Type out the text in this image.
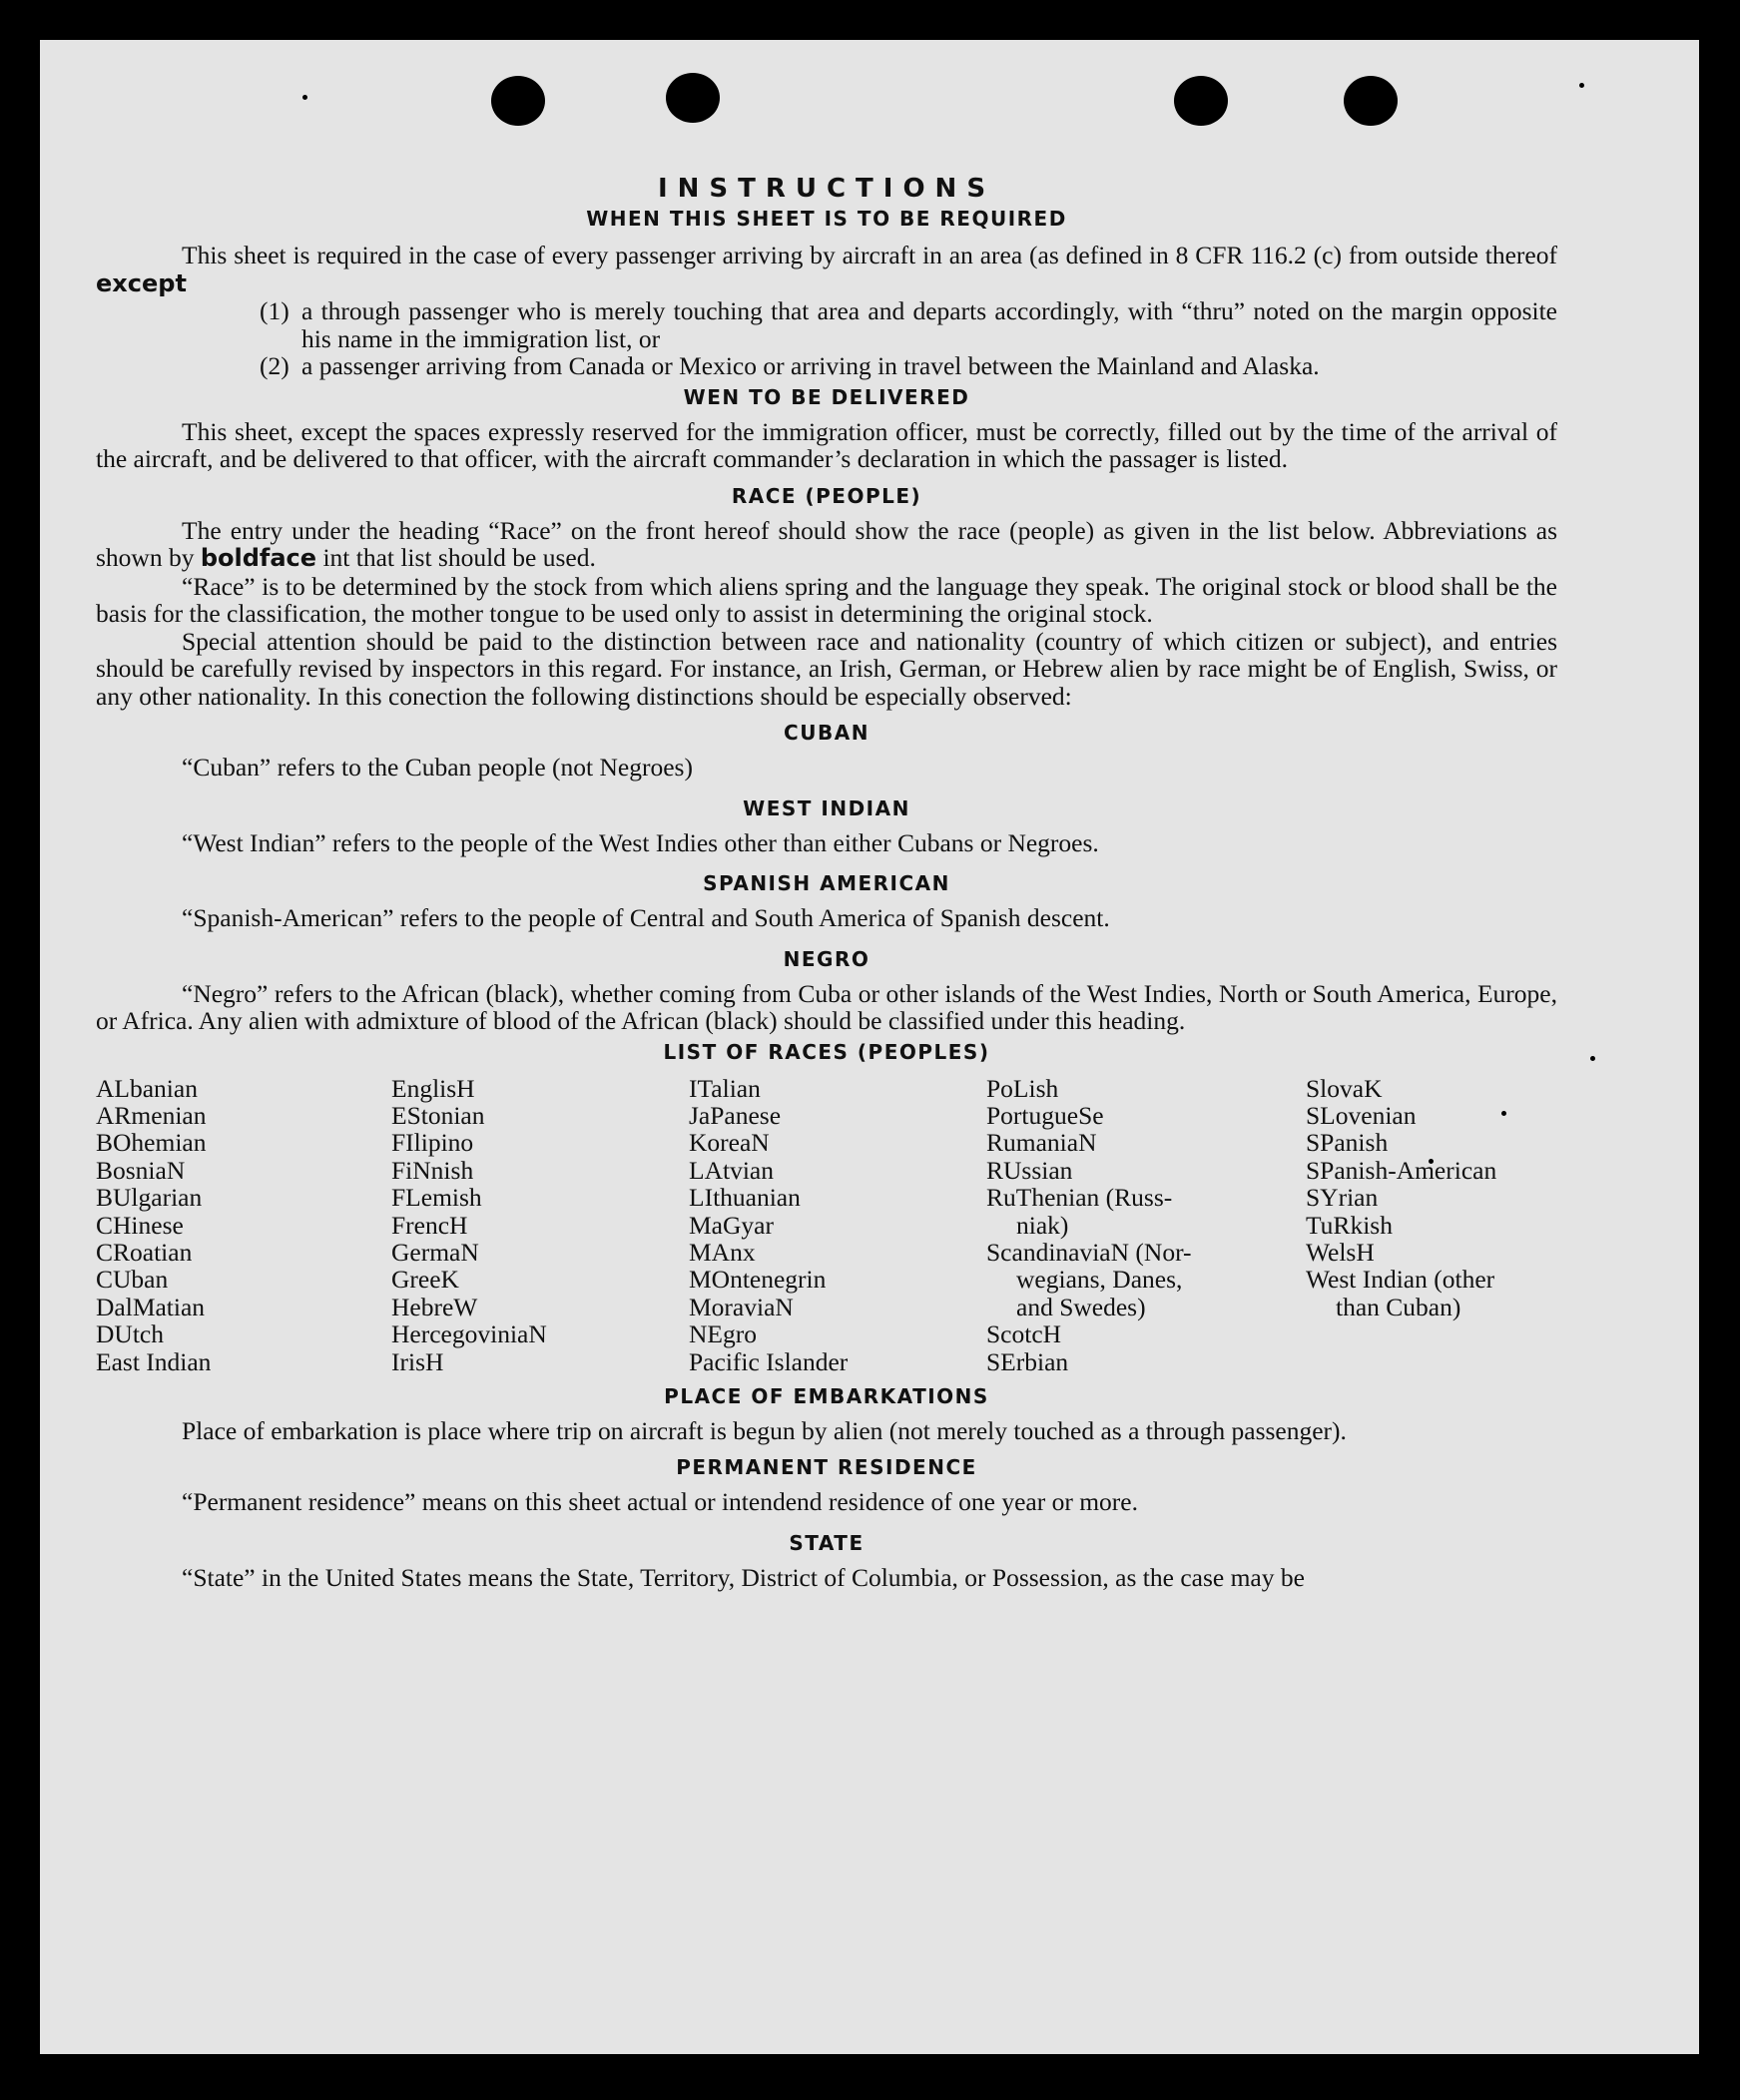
INSTRUCTIONS
WHEN THIS SHEET IS TO BE REQUIRED

This sheet is required in the case of every passenger arriving by aircraft in an area (as defined in 8 CFR 116.2 (c) from outside thereof except

(1) a through passenger who is merely touching that area and departs accordingly, with “thru” noted on the margin opposite his name in the immigration list, or

(2) a passenger arriving from Canada or Mexico or arriving in travel between the Mainland and Alaska.

WEN TO BE DELIVERED

This sheet, except the spaces expressly reserved for the immigration officer, must be correctly, filled out by the time of the arrival of the aircraft, and be delivered to that officer, with the aircraft commander’s declaration in which the passager is listed.

RACE (PEOPLE)

The entry under the heading “Race” on the front hereof should show the race (people) as given in the list below. Abbreviations as shown by boldface int that list should be used.

“Race” is to be determined by the stock from which aliens spring and the language they speak. The original stock or blood shall be the basis for the classification, the mother tongue to be used only to assist in determining the original stock.

Special attention should be paid to the distinction between race and nationality (country of which citizen or subject), and entries should be carefully revised by inspectors in this regard. For instance, an Irish, German, or Hebrew alien by race might be of English, Swiss, or any other nationality. In this conection the following distinctions should be especially observed:

CUBAN

“Cuban” refers to the Cuban people (not Negroes)

WEST INDIAN

“West Indian” refers to the people of the West Indies other than either Cubans or Negroes.

SPANISH AMERICAN

“Spanish-American” refers to the people of Central and South America of Spanish descent.

NEGRO

“Negro” refers to the African (black), whether coming from Cuba or other islands of the West Indies, North or South America, Europe, or Africa. Any alien with admixture of blood of the African (black) should be classified under this heading.

LIST OF RACES (PEOPLES)
ALbanian
ARmenian
BOhemian
BosniaN
BUlgarian
CHinese
CRoatian
CUban
DalMatian
DUtch
East Indian
EnglisH
EStonian
FIlipino
FiNnish
FLemish
FrencH
GermaN
GreeK
HebreW
HercegoviniaN
IrisH
ITalian
JaPanese
KoreaN
LAtvian
LIthuanian
MaGyar
MAnx
MOntenegrin
MoraviaN
NEgro
Pacific Islander
PoLish
PortugueSe
RumaniaN
RUssian
RuThenian (Russ-
niak)
ScandinaviaN (Nor-
wegians, Danes,
and Swedes)
ScotcH
SErbian
SlovaK
SLovenian
SPanish
SPanish-American
SYrian
TuRkish
WelsH
West Indian (other
than Cuban)
PLACE OF EMBARKATIONS

Place of embarkation is place where trip on aircraft is begun by alien (not merely touched as a through passenger).

PERMANENT RESIDENCE

“Permanent residence” means on this sheet actual or intendend residence of one year or more.

STATE

“State” in the United States means the State, Territory, District of Columbia, or Possession, as the case may be
